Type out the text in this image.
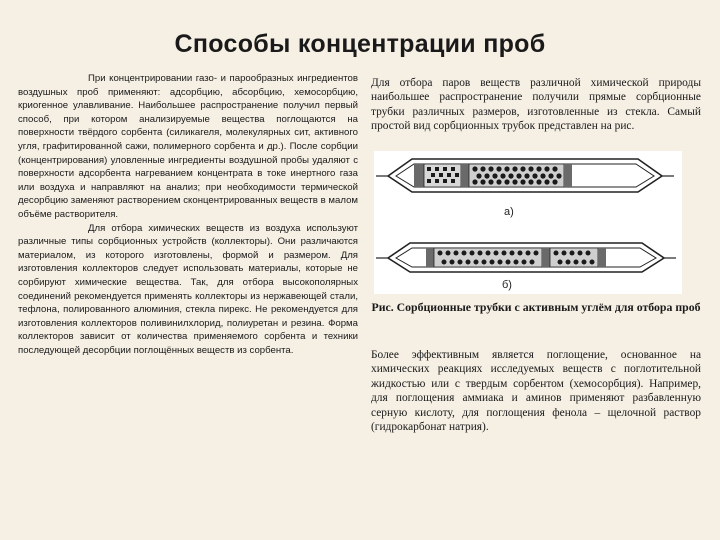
Способы концентрации проб

При концентрировании газо- и парообразных ингредиентов воздушных проб применяют: адсорбцию, абсорбцию, хемосорбцию, криогенное улавливание. Наибольшее распространение получил первый способ, при котором анализируемые вещества поглощаются на поверхности твёрдого сорбента (силикагеля, молекулярных сит, активного угля, графитированной сажи, полимерного сорбента и др.). После сорбции (концентрирования) уловленные ингредиенты воздушной пробы удаляют с поверхности адсорбента нагреванием концентрата в токе инертного газа или воздуха и направляют на анализ; при необходимости термической десорбцию заменяют растворением сконцентрированных веществ в малом объёме растворителя.

Для отбора химических веществ из воздуха используют различные типы сорбционных устройств (коллекторы). Они различаются материалом, из которого изготовлены, формой и размером. Для изготовления коллекторов следует использовать материалы, которые не сорбируют химические вещества. Так, для отбора высокополярных соединений рекомендуется применять коллекторы из нержавеющей стали, тефлона, полированного алюминия, стекла пирекс. Не рекомендуется для изготовления коллекторов поливинилхлорид, полиуретан и резина. Форма коллекторов зависит от количества применяемого сорбента и техники последующей десорбции поглощённых веществ из сорбента.

Для отбора паров веществ различной химической природы наибольшее распространение получили прямые сорбционные трубки различных размеров, изготовленные из стекла. Самый простой вид сорбционных трубок представлен на рис.

а)
б)
Рис. Сорбционные трубки с активным углём для отбора проб

Более эффективным является поглощение, основанное на химических реакциях исследуемых веществ с поглотительной жидкостью или с твердым сорбентом (хемосорбция). Например, для поглощения аммиака и аминов применяют разбавленную серную кислоту, для поглощения фенола – щелочной раствор (гидрокарбонат натрия).
